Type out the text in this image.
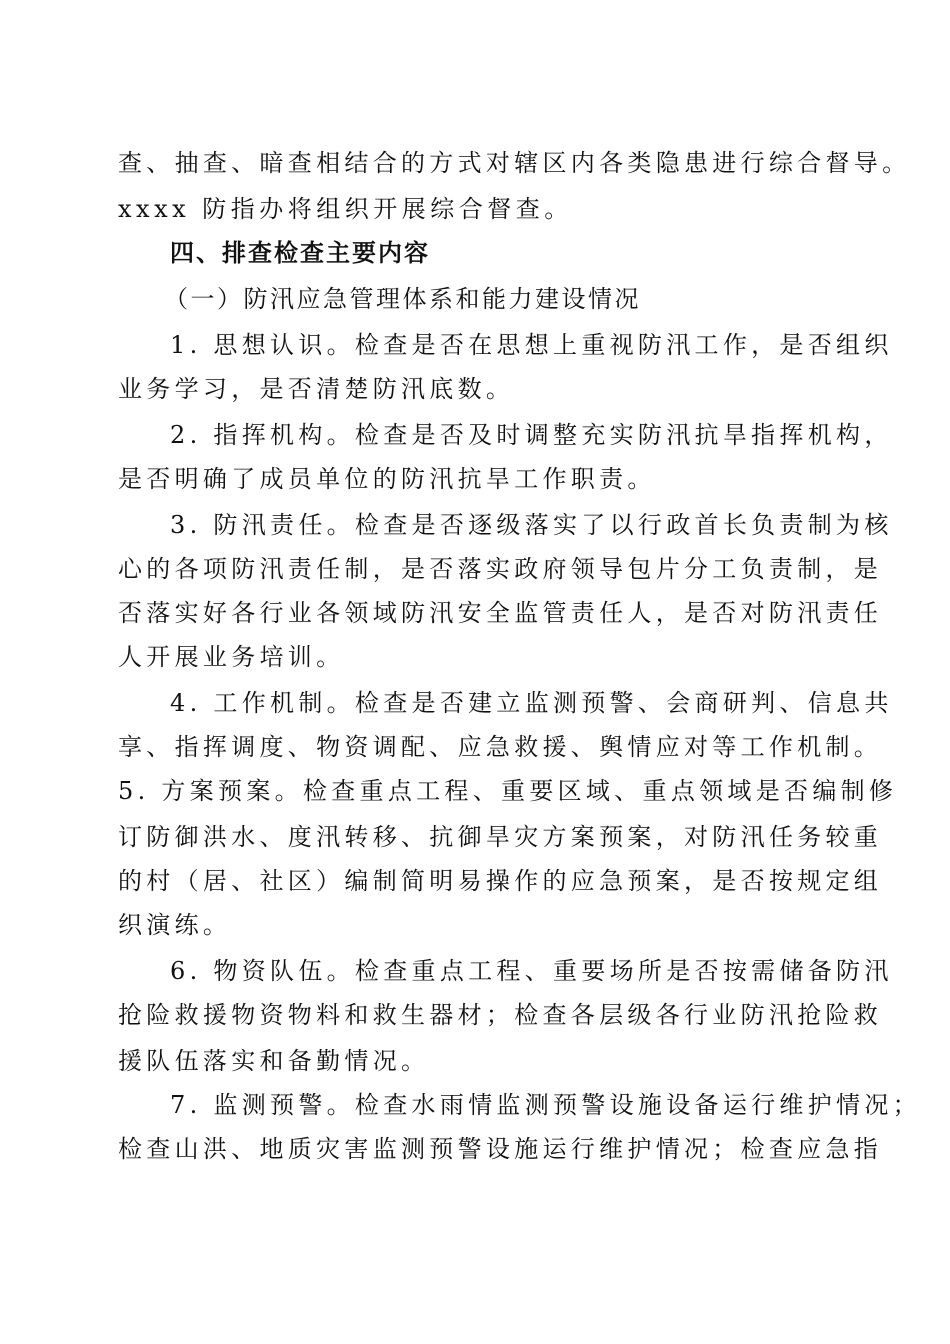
查、抽查、暗查相结合的方式对辖区内各类隐患进行综合督导。
xxxx 防指办将组织开展综合督查。
四、排查检查主要内容
（一）防汛应急管理体系和能力建设情况
1. 思想认识。检查是否在思想上重视防汛工作，是否组织
业务学习，是否清楚防汛底数。
2. 指挥机构。检查是否及时调整充实防汛抗旱指挥机构，
是否明确了成员单位的防汛抗旱工作职责。
3. 防汛责任。检查是否逐级落实了以行政首长负责制为核
心的各项防汛责任制，是否落实政府领导包片分工负责制，是
否落实好各行业各领域防汛安全监管责任人，是否对防汛责任
人开展业务培训。
4. 工作机制。检查是否建立监测预警、会商研判、信息共
享、指挥调度、物资调配、应急救援、舆情应对等工作机制。
5. 方案预案。检查重点工程、重要区域、重点领域是否编制修
订防御洪水、度汛转移、抗御旱灾方案预案，对防汛任务较重
的村（居、社区）编制简明易操作的应急预案，是否按规定组
织演练。
6. 物资队伍。检查重点工程、重要场所是否按需储备防汛
抢险救援物资物料和救生器材；检查各层级各行业防汛抢险救
援队伍落实和备勤情况。
7. 监测预警。检查水雨情监测预警设施设备运行维护情况；
检查山洪、地质灾害监测预警设施运行维护情况；检查应急指
